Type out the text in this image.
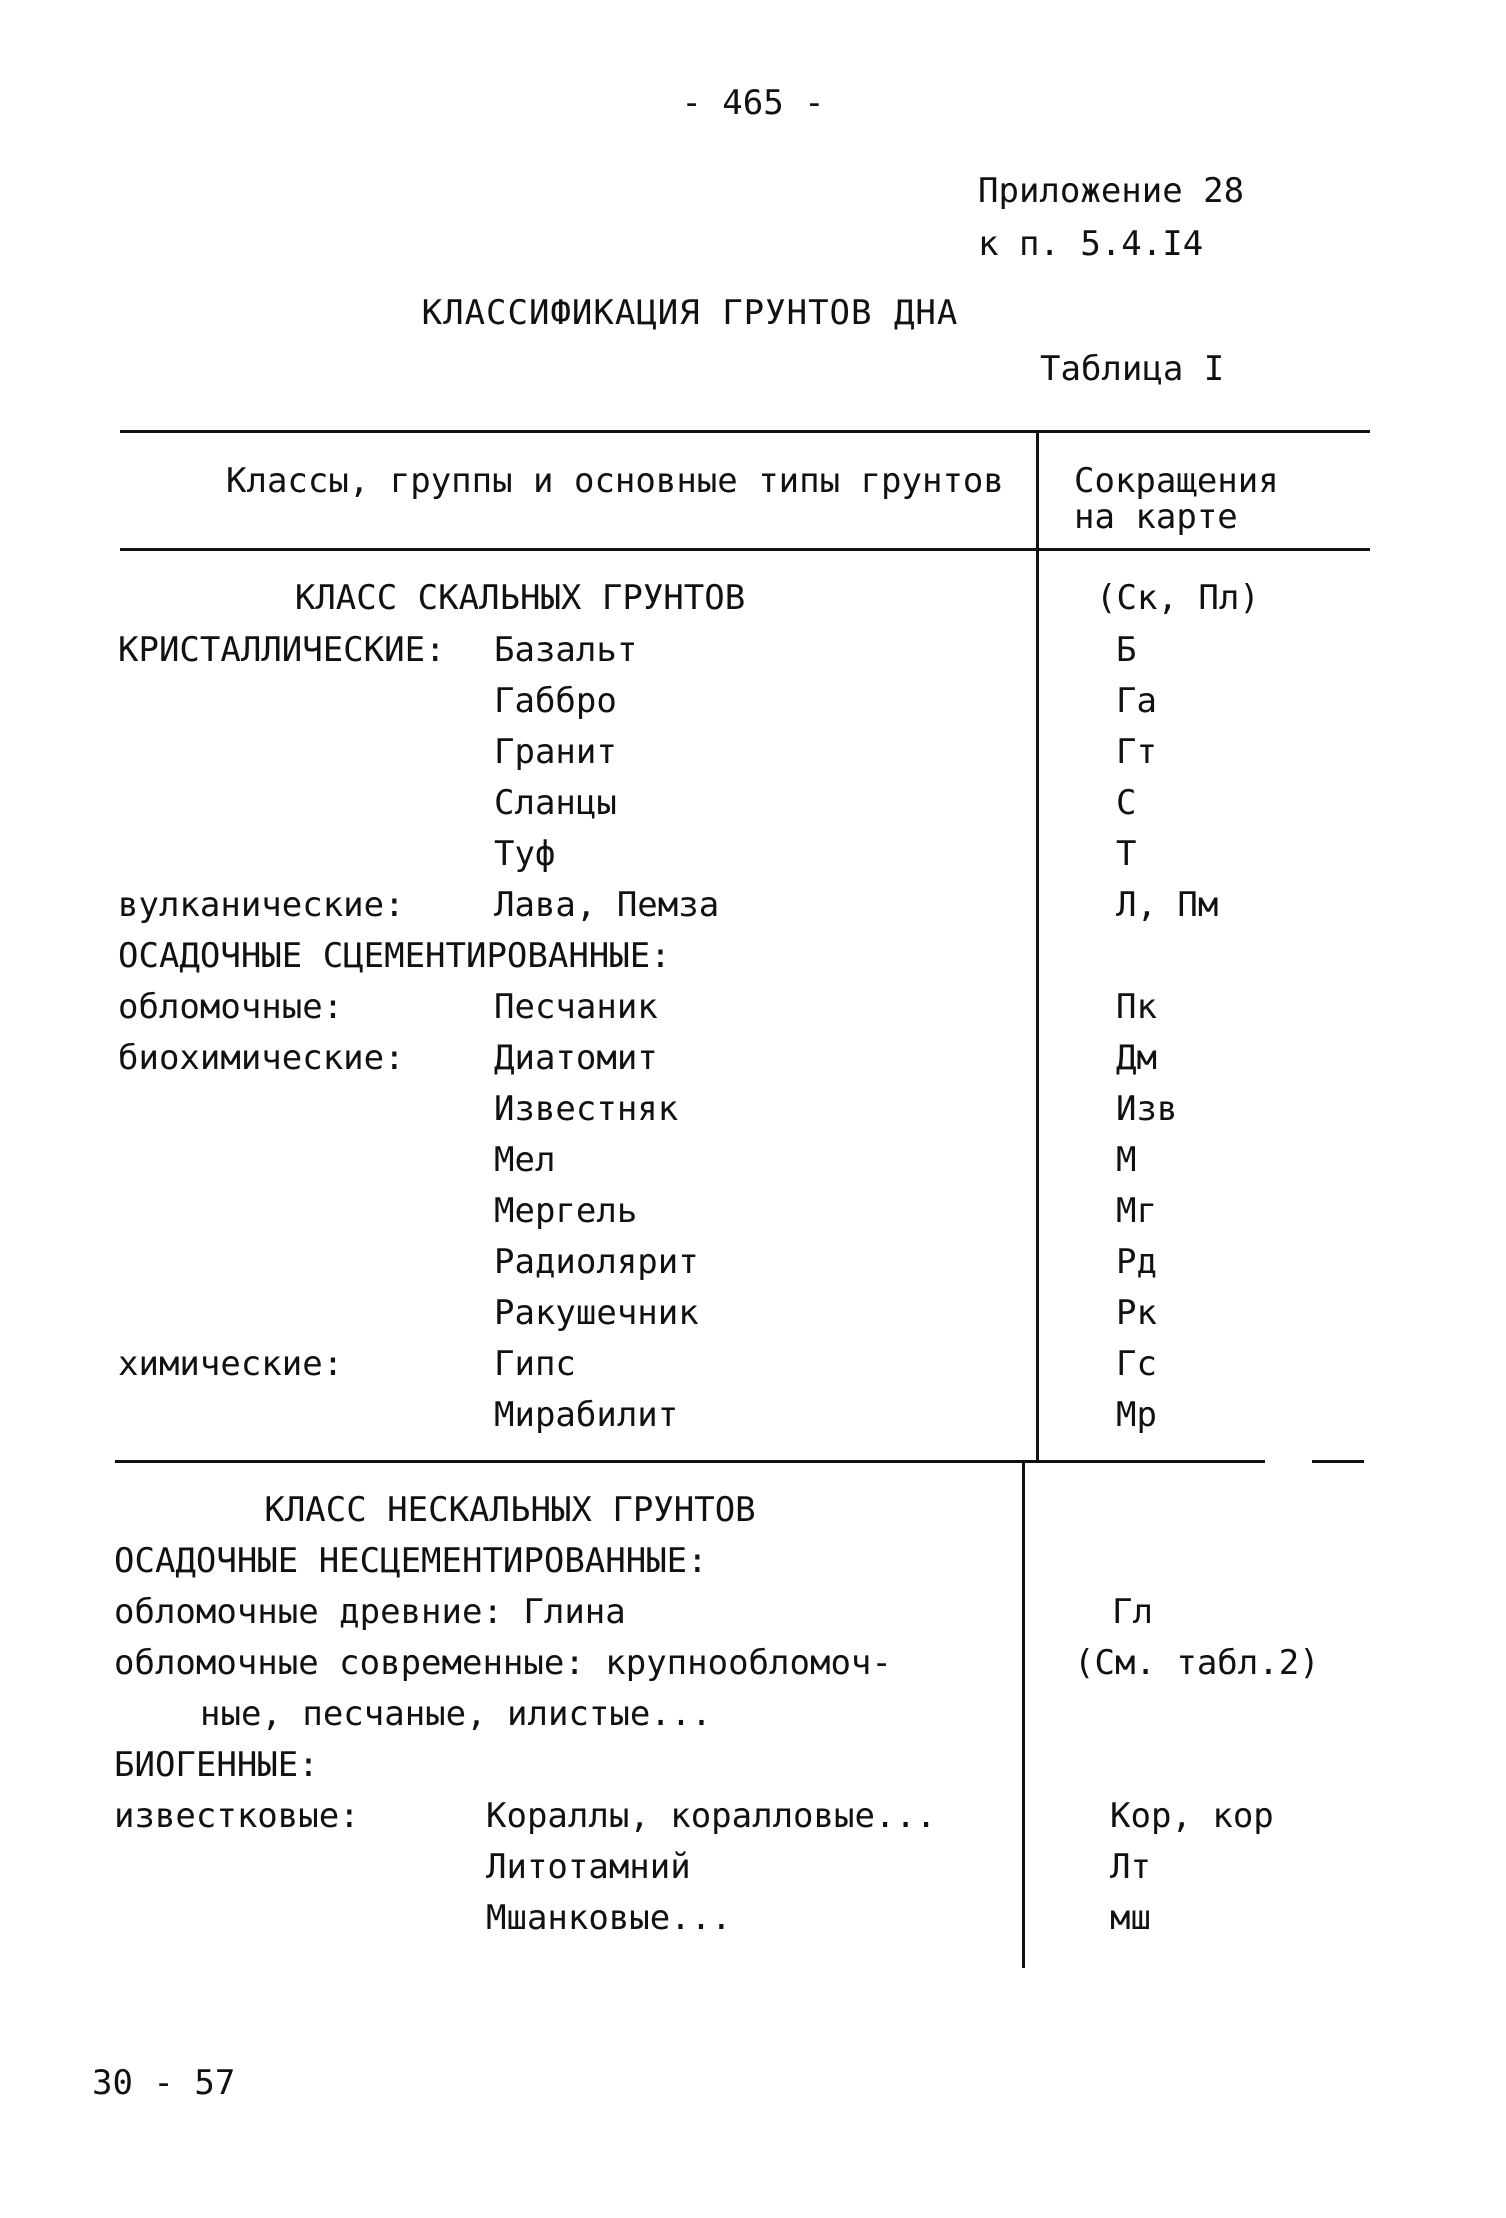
- 465 -
Приложение 28
к п. 5.4.I4
КЛАССИФИКАЦИЯ ГРУНТОВ ДНА
Таблица I
Классы, группы и основные типы грунтов Сокращения
на карте
КЛАСС СКАЛЬНЫХ ГРУНТОВ	(Ск, Пл)
КРИСТАЛЛИЧЕСКИЕ: Базальт	Б
Габбро	Га
Гранит	Гт
Сланцы	С
Туф	Т
вулканические:	Лава, Пемза	Л, Пм
ОСАДОЧНЫЕ СЦЕМЕНТИРОВАННЫЕ:
обломочные:	Песчаник	Пк
биохимические:	Диатомит	Дм
Известняк	Изв
Мел	М
Мергель	Мг
Радиолярит	Рд
Ракушечник	Рк
химические:	Гипс	Гс
Мирабилит	Мр
КЛАСС НЕСКАЛЬНЫХ ГРУНТОВ
ОСАДОЧНЫЕ НЕСЦЕМЕНТИРОВАННЫЕ:
обломочные древние: Глина	Гл
обломочные современные: крупнообломоч-	(См. табл.2)
ные, песчаные, илистые...
БИОГЕННЫЕ:
известковые:	Кораллы, коралловые...	Кор, кор
Литотамний	Лт
Мшанковые...	мш
30 - 57
